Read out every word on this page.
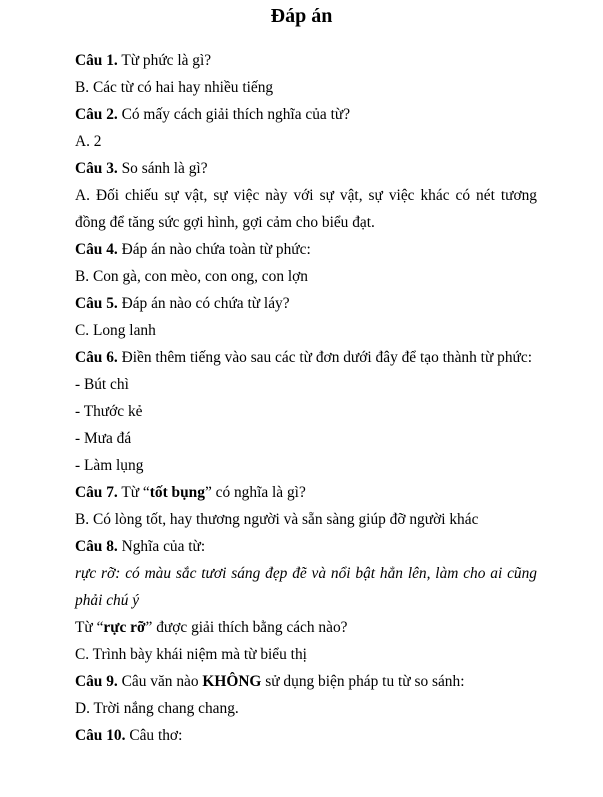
Đáp án
Câu 1. Từ phức là gì?
B. Các từ có hai hay nhiều tiếng
Câu 2. Có mấy cách giải thích nghĩa của từ?
A. 2
Câu 3. So sánh là gì?
A. Đối chiếu sự vật, sự việc này với sự vật, sự việc khác có nét tương
đồng để tăng sức gợi hình, gợi cảm cho biểu đạt.
Câu 4. Đáp án nào chứa toàn từ phức:
B. Con gà, con mèo, con ong, con lợn
Câu 5. Đáp án nào có chứa từ láy?
C. Long lanh
Câu 6. Điền thêm tiếng vào sau các từ đơn dưới đây để tạo thành từ phức:
- Bút chì
- Thước kẻ
- Mưa đá
- Làm lụng
Câu 7. Từ “tốt bụng” có nghĩa là gì?
B. Có lòng tốt, hay thương người và sẵn sàng giúp đỡ người khác
Câu 8. Nghĩa của từ:
rực rỡ: có màu sắc tươi sáng đẹp đẽ và nổi bật hẳn lên, làm cho ai cũng
phải chú ý
Từ “rực rỡ” được giải thích bằng cách nào?
C. Trình bày khái niệm mà từ biểu thị
Câu 9. Câu văn nào KHÔNG sử dụng biện pháp tu từ so sánh:
D. Trời nắng chang chang.
Câu 10. Câu thơ:
